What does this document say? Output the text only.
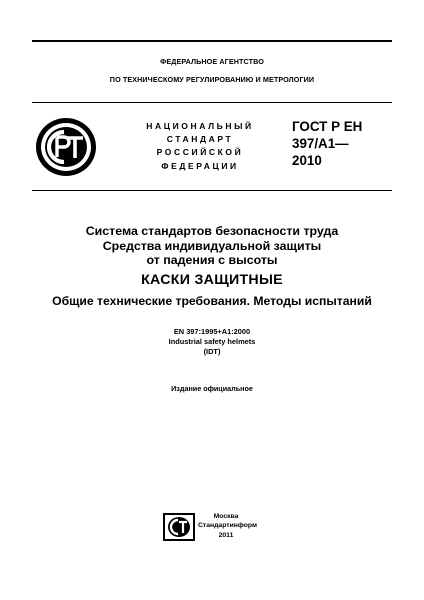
ФЕДЕРАЛЬНОЕ АГЕНТСТВО
ПО ТЕХНИЧЕСКОМУ РЕГУЛИРОВАНИЮ И МЕТРОЛОГИИ
НАЦИОНАЛЬНЫЙ
СТАНДАРТ
РОССИЙСКОЙ
ФЕДЕРАЦИИ
ГОСТ Р ЕН
397/А1—
2010
Система стандартов безопасности труда
Средства индивидуальной защиты
от падения с высоты
КАСКИ ЗАЩИТНЫЕ
Общие технические требования. Методы испытаний
EN 397:1995+A1:2000
Industrial safety helmets
(IDT)
Издание официальное
Москва
Стандартинформ
2011
